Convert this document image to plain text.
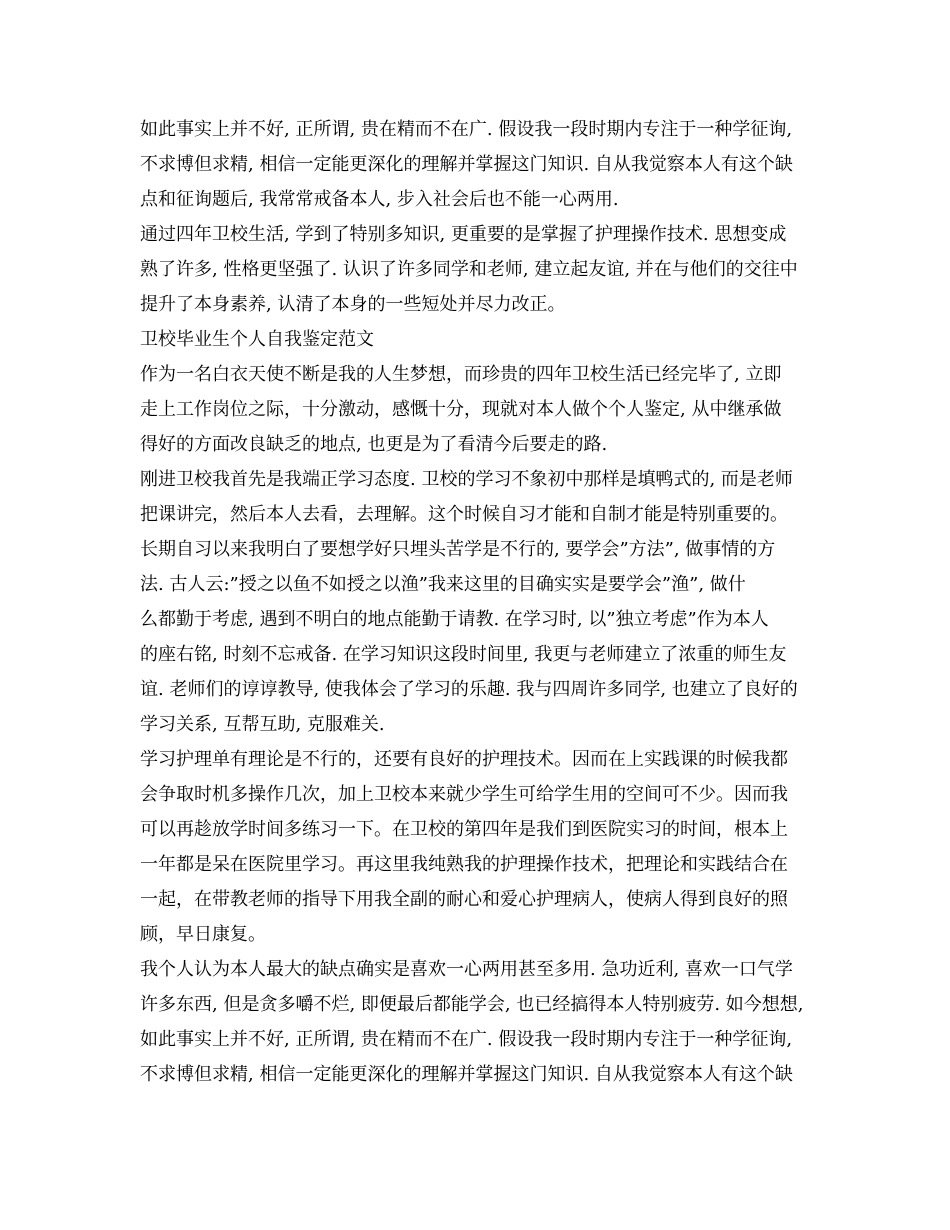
如此事实上并不好, 正所谓, 贵在精而不在广. 假设我一段时期内专注于一种学征询,
不求博但求精, 相信一定能更深化的理解并掌握这门知识. 自从我觉察本人有这个缺
点和征询题后, 我常常戒备本人, 步入社会后也不能一心两用.
通过四年卫校生活, 学到了特别多知识, 更重要的是掌握了护理操作技术. 思想变成
熟了许多, 性格更坚强了. 认识了许多同学和老师, 建立起友谊, 并在与他们的交往中
提升了本身素养, 认清了本身的一些短处并尽力改正。
卫校毕业生个人自我鉴定范文
作为一名白衣天使不断是我的人生梦想，而珍贵的四年卫校生活已经完毕了, 立即
走上工作岗位之际，十分激动，感慨十分，现就对本人做个个人鉴定, 从中继承做
得好的方面改良缺乏的地点, 也更是为了看清今后要走的路.
刚进卫校我首先是我端正学习态度. 卫校的学习不象初中那样是填鸭式的, 而是老师
把课讲完，然后本人去看，去理解。这个时候自习才能和自制才能是特别重要的。
长期自习以来我明白了要想学好只埋头苦学是不行的, 要学会”方法”, 做事情的方
法. 古人云:”授之以鱼不如授之以渔”我来这里的目确实实是要学会”渔”, 做什
么都勤于考虑, 遇到不明白的地点能勤于请教. 在学习时, 以”独立考虑”作为本人
的座右铭, 时刻不忘戒备. 在学习知识这段时间里, 我更与老师建立了浓重的师生友
谊. 老师们的谆谆教导, 使我体会了学习的乐趣. 我与四周许多同学, 也建立了良好的
学习关系, 互帮互助, 克服难关.
学习护理单有理论是不行的，还要有良好的护理技术。因而在上实践课的时候我都
会争取时机多操作几次，加上卫校本来就少学生可给学生用的空间可不少。因而我
可以再趁放学时间多练习一下。在卫校的第四年是我们到医院实习的时间，根本上
一年都是呆在医院里学习。再这里我纯熟我的护理操作技术，把理论和实践结合在
一起，在带教老师的指导下用我全副的耐心和爱心护理病人，使病人得到良好的照
顾，早日康复。
我个人认为本人最大的缺点确实是喜欢一心两用甚至多用. 急功近利, 喜欢一口气学
许多东西, 但是贪多嚼不烂, 即便最后都能学会, 也已经搞得本人特别疲劳. 如今想想,
如此事实上并不好, 正所谓, 贵在精而不在广. 假设我一段时期内专注于一种学征询,
不求博但求精, 相信一定能更深化的理解并掌握这门知识. 自从我觉察本人有这个缺
